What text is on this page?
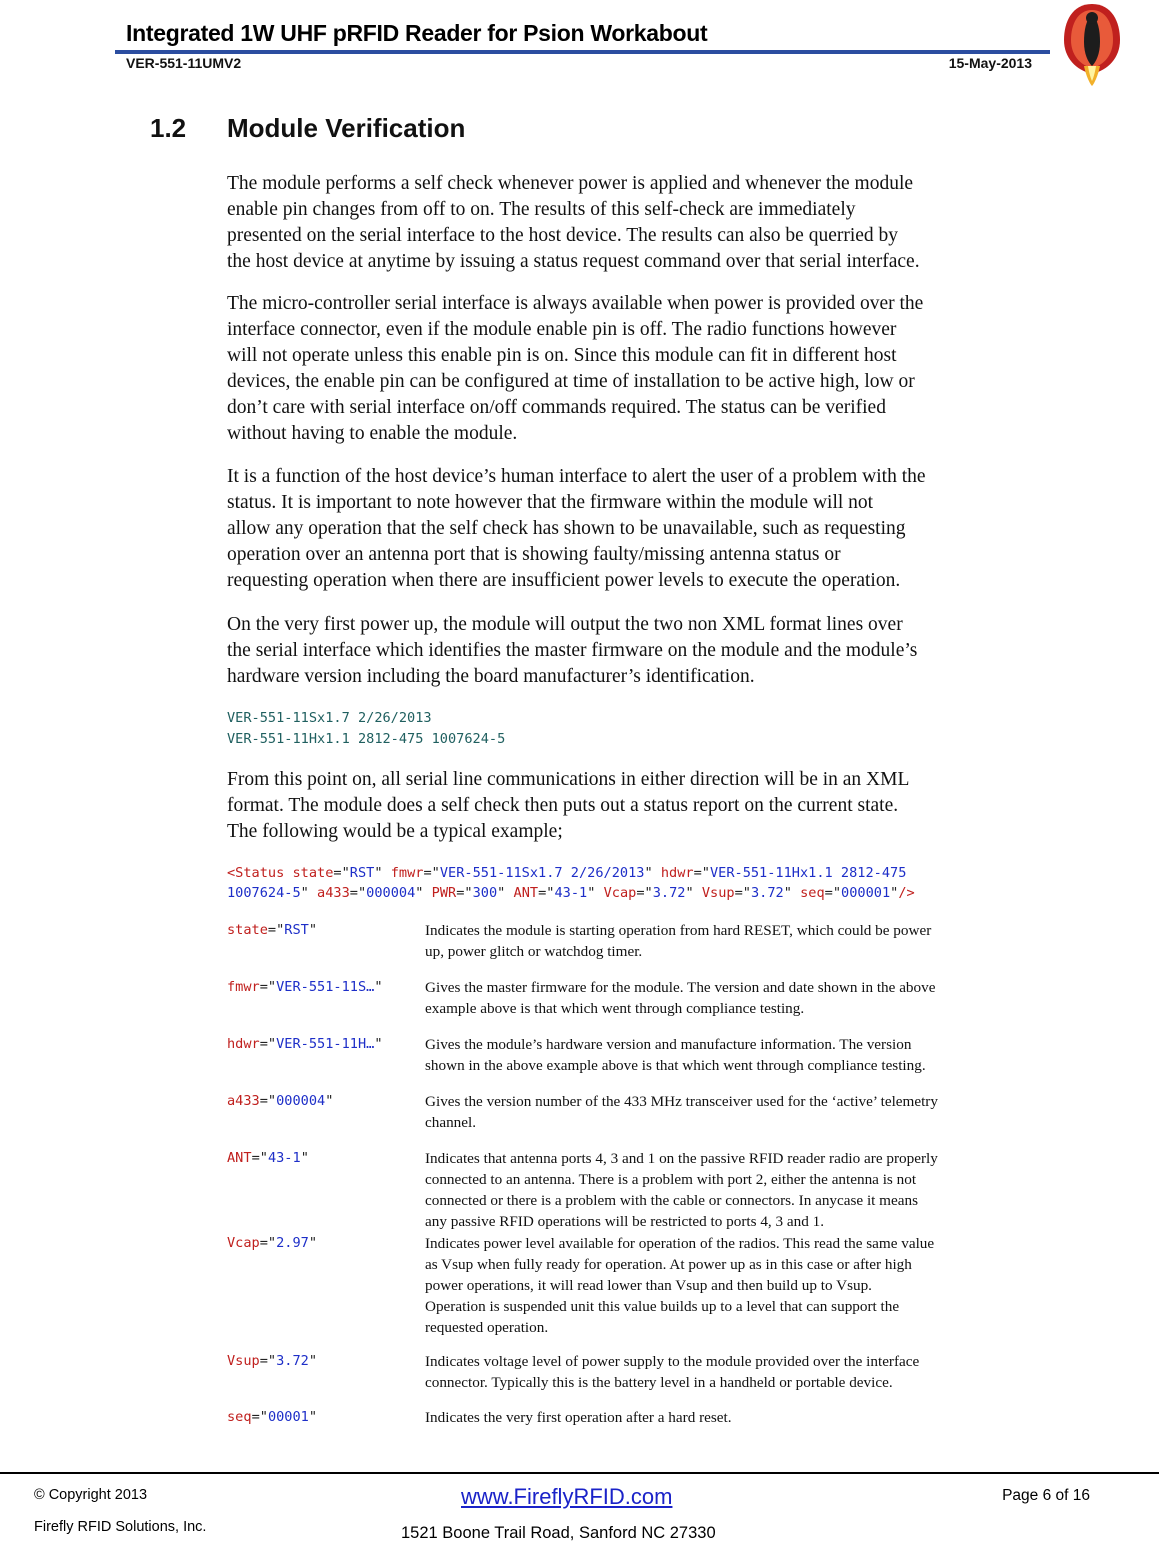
Integrated 1W UHF pRFID Reader for Psion Workabout
VER-551-11UMV2	15-May-2013
1.2 Module Verification
The module performs a self check whenever power is applied and whenever the module
enable pin changes from off to on. The results of this self-check are immediately
presented on the serial interface to the host device. The results can also be querried by
the host device at anytime by issuing a status request command over that serial interface.
The micro-controller serial interface is always available when power is provided over the
interface connector, even if the module enable pin is off. The radio functions however
will not operate unless this enable pin is on. Since this module can fit in different host
devices, the enable pin can be configured at time of installation to be active high, low or
don’t care with serial interface on/off commands required. The status can be verified
without having to enable the module.
It is a function of the host device’s human interface to alert the user of a problem with the
status. It is important to note however that the firmware within the module will not
allow any operation that the self check has shown to be unavailable, such as requesting
operation over an antenna port that is showing faulty/missing antenna status or
requesting operation when there are insufficient power levels to execute the operation.
On the very first power up, the module will output the two non XML format lines over
the serial interface which identifies the master firmware on the module and the module’s
hardware version including the board manufacturer’s identification.
VER-551-11Sx1.7 2/26/2013
VER-551-11Hx1.1 2812-475 1007624-5
From this point on, all serial line communications in either direction will be in an XML
format. The module does a self check then puts out a status report on the current state.
The following would be a typical example;
<Status state="RST" fmwr="VER-551-11Sx1.7 2/26/2013" hdwr="VER-551-11Hx1.1 2812-475
1007624-5" a433="000004" PWR="300" ANT="43-1" Vcap="3.72" Vsup="3.72" seq="000001"/>
state="RST"	Indicates the module is starting operation from hard RESET, which could be power
up, power glitch or watchdog timer.
fmwr="VER-551-11S…"	Gives the master firmware for the module. The version and date shown in the above
example above is that which went through compliance testing.
hdwr="VER-551-11H…"	Gives the module’s hardware version and manufacture information. The version
shown in the above example above is that which went through compliance testing.
a433="000004"	Gives the version number of the 433 MHz transceiver used for the ‘active’ telemetry
channel.
ANT="43-1"	Indicates that antenna ports 4, 3 and 1 on the passive RFID reader radio are properly
connected to an antenna. There is a problem with port 2, either the antenna is not
connected or there is a problem with the cable or connectors. In anycase it means
any passive RFID operations will be restricted to ports 4, 3 and 1.
Vcap="2.97"	Indicates power level available for operation of the radios. This read the same value
as Vsup when fully ready for operation. At power up as in this case or after high
power operations, it will read lower than Vsup and then build up to Vsup.
Operation is suspended unit this value builds up to a level that can support the
requested operation.
Vsup="3.72"	Indicates voltage level of power supply to the module provided over the interface
connector. Typically this is the battery level in a handheld or portable device.
seq="00001"	Indicates the very first operation after a hard reset.
© Copyright 2013
Firefly RFID Solutions, Inc.
www.FireflyRFID.com
1521 Boone Trail Road, Sanford NC 27330
Page 6 of 16
